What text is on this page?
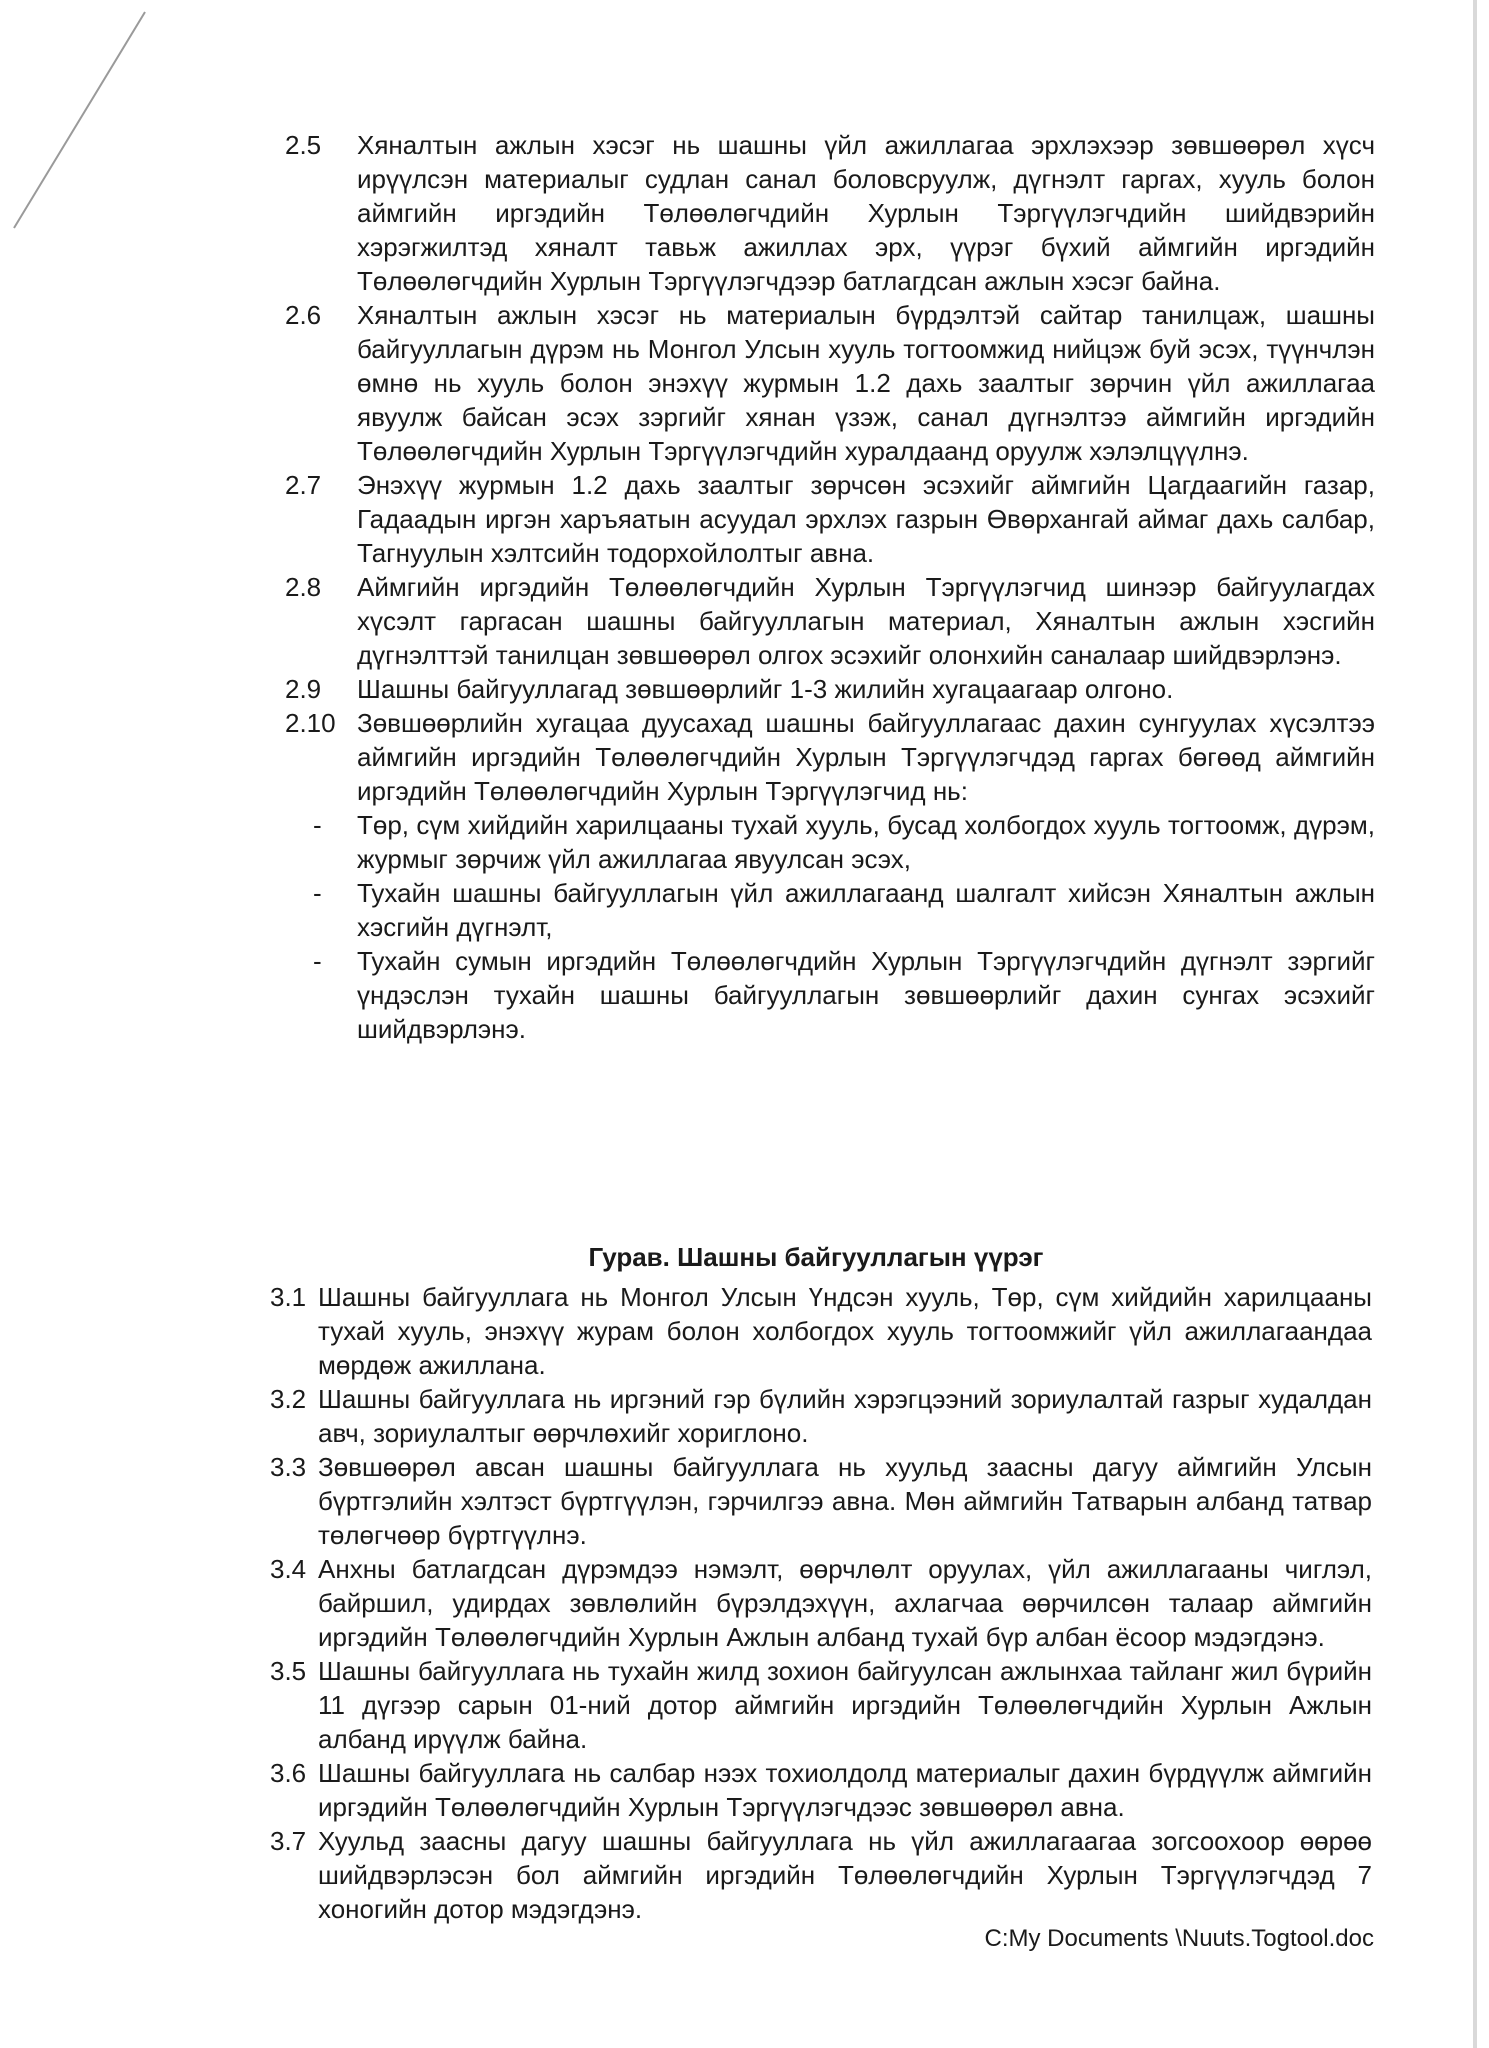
2.5 Хяналтын ажлын хэсэг нь шашны үйл ажиллагаа эрхлэхээр зөвшөөрөл хүсч ирүүлсэн материалыг судлан санал боловсруулж, дүгнэлт гаргах, хууль болон аймгийн иргэдийн Төлөөлөгчдийн Хурлын Тэргүүлэгчдийн шийдвэрийн хэрэгжилтэд хяналт тавьж ажиллах эрх, үүрэг бүхий аймгийн иргэдийн Төлөөлөгчдийн Хурлын Тэргүүлэгчдээр батлагдсан ажлын хэсэг байна.
2.6 Хяналтын ажлын хэсэг нь материалын бүрдэлтэй сайтар танилцаж, шашны байгууллагын дүрэм нь Монгол Улсын хууль тогтоомжид нийцэж буй эсэх, түүнчлэн өмнө нь хууль болон энэхүү журмын 1.2 дахь заалтыг зөрчин үйл ажиллагаа явуулж байсан эсэх зэргийг хянан үзэж, санал дүгнэлтээ аймгийн иргэдийн Төлөөлөгчдийн Хурлын Тэргүүлэгчдийн хуралдаанд оруулж хэлэлцүүлнэ.
2.7 Энэхүү журмын 1.2 дахь заалтыг зөрчсөн эсэхийг аймгийн Цагдаагийн газар, Гадаадын иргэн харъяатын асуудал эрхлэх газрын Өвөрхангай аймаг дахь салбар, Тагнуулын хэлтсийн тодорхойлолтыг авна.
2.8 Аймгийн иргэдийн Төлөөлөгчдийн Хурлын Тэргүүлэгчид шинээр байгуулагдах хүсэлт гаргасан шашны байгууллагын материал, Хяналтын ажлын хэсгийн дүгнэлттэй танилцан зөвшөөрөл олгох эсэхийг олонхийн саналаар шийдвэрлэнэ.
2.9 Шашны байгууллагад зөвшөөрлийг 1-3 жилийн хугацаагаар олгоно.
2.10 Зөвшөөрлийн хугацаа дуусахад шашны байгууллагаас дахин сунгуулах хүсэлтээ аймгийн иргэдийн Төлөөлөгчдийн Хурлын Тэргүүлэгчдэд гаргах бөгөөд аймгийн иргэдийн Төлөөлөгчдийн Хурлын Тэргүүлэгчид нь:
- Төр, сүм хийдийн харилцааны тухай хууль, бусад холбогдох хууль тогтоомж, дүрэм, журмыг зөрчиж үйл ажиллагаа явуулсан эсэх,
- Тухайн шашны байгууллагын үйл ажиллагаанд шалгалт хийсэн Хяналтын ажлын хэсгийн дүгнэлт,
- Тухайн сумын иргэдийн Төлөөлөгчдийн Хурлын Тэргүүлэгчдийн дүгнэлт зэргийг үндэслэн тухайн шашны байгууллагын зөвшөөрлийг дахин сунгах эсэхийг шийдвэрлэнэ.
Гурав. Шашны байгууллагын үүрэг
3.1 Шашны байгууллага нь Монгол Улсын Үндсэн хууль, Төр, сүм хийдийн харилцааны тухай хууль, энэхүү журам болон холбогдох хууль тогтоомжийг үйл ажиллагаандаа мөрдөж ажиллана.
3.2 Шашны байгууллага нь иргэний гэр бүлийн хэрэгцээний зориулалтай газрыг худалдан авч, зориулалтыг өөрчлөхийг хориглоно.
3.3 Зөвшөөрөл авсан шашны байгууллага нь хуульд заасны дагуу аймгийн Улсын бүртгэлийн хэлтэст бүртгүүлэн, гэрчилгээ авна. Мөн аймгийн Татварын албанд татвар төлөгчөөр бүртгүүлнэ.
3.4 Анхны батлагдсан дүрэмдээ нэмэлт, өөрчлөлт оруулах, үйл ажиллагааны чиглэл, байршил, удирдах зөвлөлийн бүрэлдэхүүн, ахлагчаа өөрчилсөн талаар аймгийн иргэдийн Төлөөлөгчдийн Хурлын Ажлын албанд тухай бүр албан ёсоор мэдэгдэнэ.
3.5 Шашны байгууллага нь тухайн жилд зохион байгуулсан ажлынхаа тайланг жил бүрийн 11 дүгээр сарын 01-ний дотор аймгийн иргэдийн Төлөөлөгчдийн Хурлын Ажлын албанд ирүүлж байна.
3.6 Шашны байгууллага нь салбар нээх тохиолдолд материалыг дахин бүрдүүлж аймгийн иргэдийн Төлөөлөгчдийн Хурлын Тэргүүлэгчдээс зөвшөөрөл авна.
3.7 Хуульд заасны дагуу шашны байгууллага нь үйл ажиллагаагаа зогсоохоор өөрөө шийдвэрлэсэн бол аймгийн иргэдийн Төлөөлөгчдийн Хурлын Тэргүүлэгчдэд 7 хоногийн дотор мэдэгдэнэ.
C:My Documents \Nuuts.Togtool.doc
